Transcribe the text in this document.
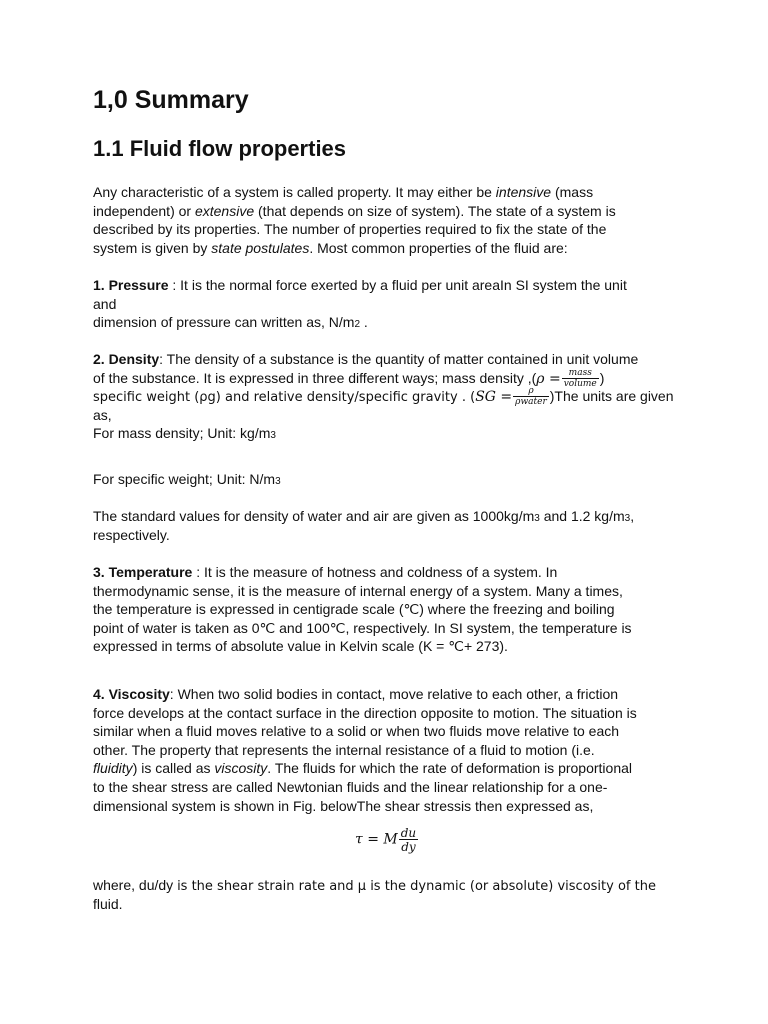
1,0 Summary
1.1 Fluid flow properties
Any characteristic of a system is called property. It may either be intensive (mass
independent) or extensive (that depends on size of system). The state of a system is
described by its properties. The number of properties required to fix the state of the
system is given by state postulates. Most common properties of the fluid are:
1. Pressure : It is the normal force exerted by a fluid per unit areaIn SI system the unit
and
dimension of pressure can written as, N/m2 .
2. Density: The density of a substance is the quantity of matter contained in unit volume
of the substance. It is expressed in three different ways; mass density $,(\rho = \frac{\text{mass}}{\text{volume}}$ )
specific weight (ρg) and relative density/specific gravity . $(SG = \frac{\rho}{\text{ρwater}} )The$ units are given
as,
For mass density; Unit: kg/m3
For specific weight; Unit: N/m3
The standard values for density of water and air are given as 1000kg/m3 and 1.2 kg/m3,
respectively.
3. Temperature : It is the measure of hotness and coldness of a system. In
thermodynamic sense, it is the measure of internal energy of a system. Many a times,
the temperature is expressed in centigrade scale (℃) where the freezing and boiling
point of water is taken as 0℃ and 100℃, respectively. In SI system, the temperature is
expressed in terms of absolute value in Kelvin scale (K = ℃+ 273).
4. Viscosity: When two solid bodies in contact, move relative to each other, a friction
force develops at the contact surface in the direction opposite to motion. The situation is
similar when a fluid moves relative to a solid or when two fluids move relative to each
other. The property that represents the internal resistance of a fluid to motion (i.e.
fluidity) is called as viscosity. The fluids for which the rate of deformation is proportional
to the shear stress are called Newtonian fluids and the linear relationship for a one-
dimensional system is shown in Fig. belowThe shear stressis then expressed as,
τ = M $\frac{du}{dy}$
where, du/dy is the shear strain rate and μ is the dynamic (or absolute) viscosity of the
fluid.
